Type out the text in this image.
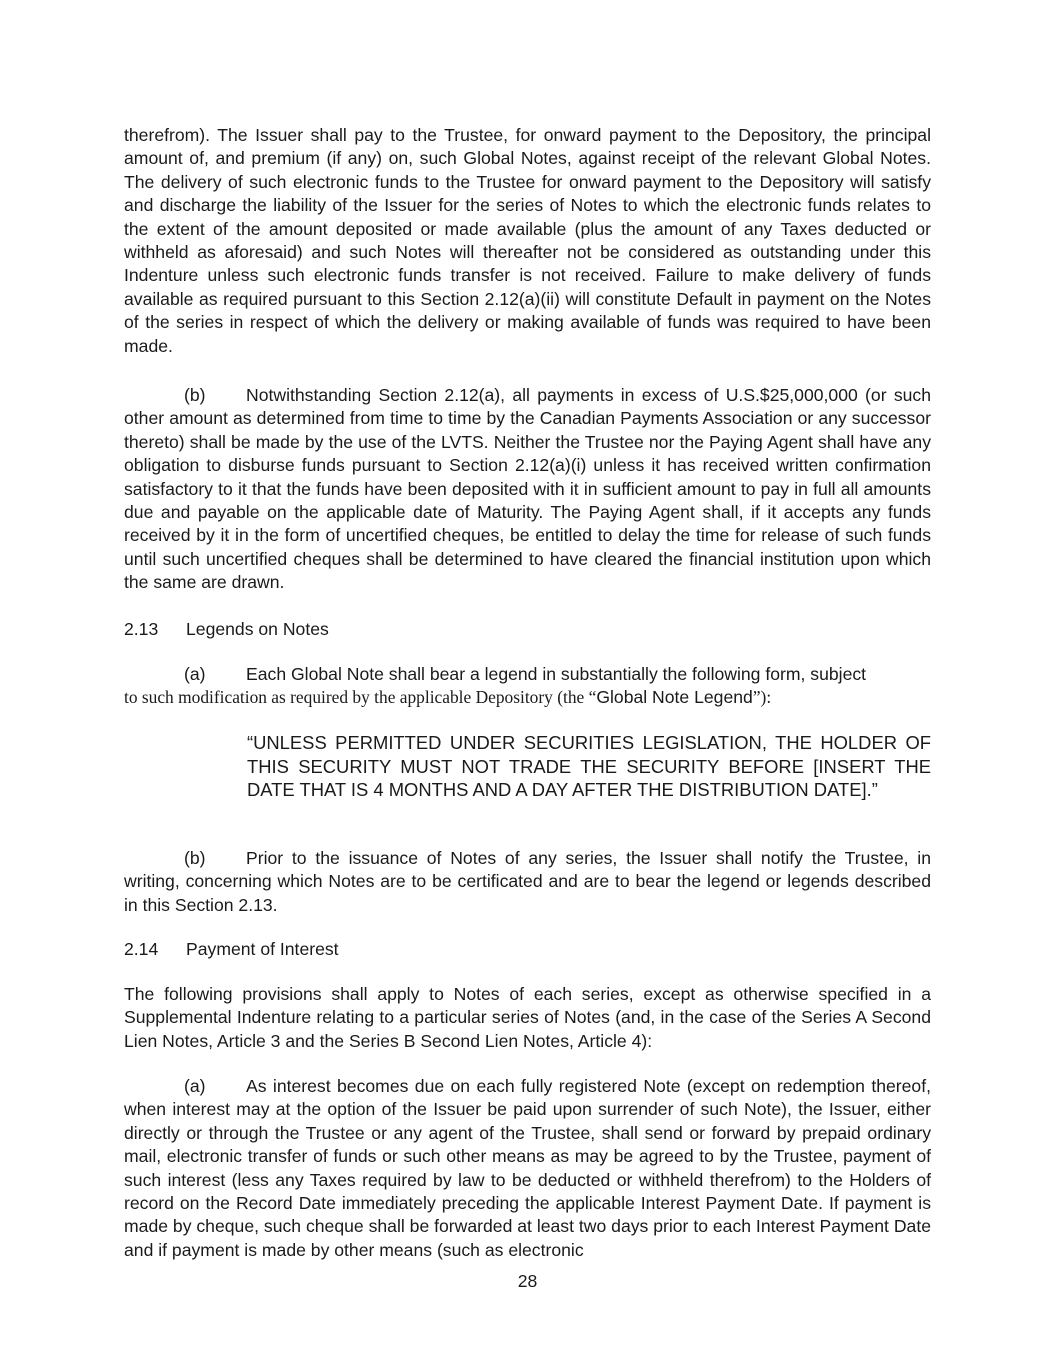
therefrom). The Issuer shall pay to the Trustee, for onward payment to the Depository, the principal amount of, and premium (if any) on, such Global Notes, against receipt of the relevant Global Notes. The delivery of such electronic funds to the Trustee for onward payment to the Depository will satisfy and discharge the liability of the Issuer for the series of Notes to which the electronic funds relates to the extent of the amount deposited or made available (plus the amount of any Taxes deducted or withheld as aforesaid) and such Notes will thereafter not be considered as outstanding under this Indenture unless such electronic funds transfer is not received. Failure to make delivery of funds available as required pursuant to this Section 2.12(a)(ii) will constitute Default in payment on the Notes of the series in respect of which the delivery or making available of funds was required to have been made.

(b) Notwithstanding Section 2.12(a), all payments in excess of U.S.$25,000,000 (or such other amount as determined from time to time by the Canadian Payments Association or any successor thereto) shall be made by the use of the LVTS. Neither the Trustee nor the Paying Agent shall have any obligation to disburse funds pursuant to Section 2.12(a)(i) unless it has received written confirmation satisfactory to it that the funds have been deposited with it in sufficient amount to pay in full all amounts due and payable on the applicable date of Maturity. The Paying Agent shall, if it accepts any funds received by it in the form of uncertified cheques, be entitled to delay the time for release of such funds until such uncertified cheques shall be determined to have cleared the financial institution upon which the same are drawn.

2.13 Legends on Notes

(a) Each Global Note shall bear a legend in substantially the following form, subject
to such modification as required by the applicable Depository (the “Global Note Legend”):

“UNLESS PERMITTED UNDER SECURITIES LEGISLATION, THE HOLDER OF THIS SECURITY MUST NOT TRADE THE SECURITY BEFORE [INSERT THE DATE THAT IS 4 MONTHS AND A DAY AFTER THE DISTRIBUTION DATE].”

(b) Prior to the issuance of Notes of any series, the Issuer shall notify the Trustee, in writing, concerning which Notes are to be certificated and are to bear the legend or legends described in this Section 2.13.

2.14 Payment of Interest

The following provisions shall apply to Notes of each series, except as otherwise specified in a Supplemental Indenture relating to a particular series of Notes (and, in the case of the Series A Second Lien Notes, Article 3 and the Series B Second Lien Notes, Article 4):

(a) As interest becomes due on each fully registered Note (except on redemption thereof, when interest may at the option of the Issuer be paid upon surrender of such Note), the Issuer, either directly or through the Trustee or any agent of the Trustee, shall send or forward by prepaid ordinary mail, electronic transfer of funds or such other means as may be agreed to by the Trustee, payment of such interest (less any Taxes required by law to be deducted or withheld therefrom) to the Holders of record on the Record Date immediately preceding the applicable Interest Payment Date. If payment is made by cheque, such cheque shall be forwarded at least two days prior to each Interest Payment Date and if payment is made by other means (such as electronic

28
